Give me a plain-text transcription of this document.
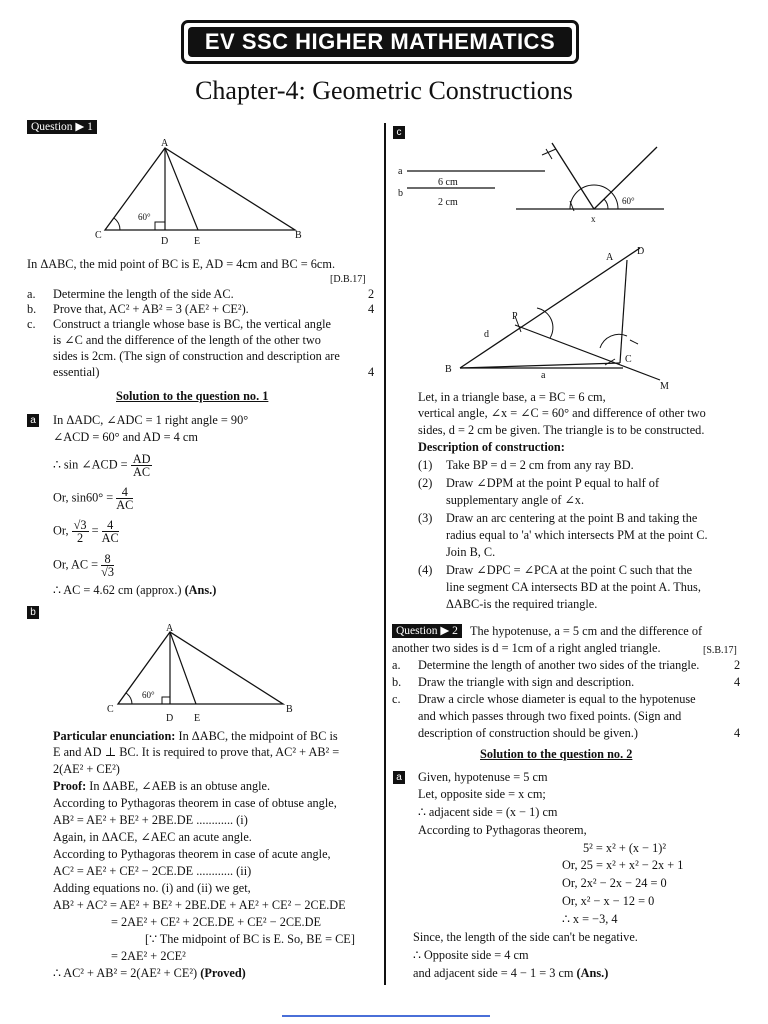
EV SSC HIGHER MATHEMATICS
Chapter-4: Geometric Constructions
Question ▶ 1
A
C
D	E
B
60°
In ΔABC, the mid point of BC is E, AD = 4cm and BC = 6cm.
[D.B.17]
a. Determine the length of the side AC.	2
b. Prove that, AC² + AB² = 3 (AE² + CE²).	4
c. Construct a triangle whose base is BC, the vertical angle
is ∠C and the difference of the length of the other two
sides is 2cm. (The sign of construction and description are
essential)	4
Solution to the question no. 1
a In ΔADC, ∠ADC = 1 right angle = 90°
∠ACD = 60° and AD = 4 cm
∴ sin ∠ACD = $\frac{AD}{AC}$
Or, $\sin 60^\circ = \frac{4}{AC}$
Or, $\frac{√3}{2} = \frac{4}{AC}$
Or, AC = $\frac{8}{√3}$
∴ AC = 4.62 cm (approx.) (Ans.)
b
A
C
D E
B
60°
Particular enunciation: In ΔABC, the midpoint of BC is
E and AD ⊥ BC. It is required to prove that, AC² + AB² =
2(AE² + CE²)
Proof: In ΔABE, ∠AEB is an obtuse angle.
According to Pythagoras theorem in case of obtuse angle,
AB² = AE² + BE² + 2BE.DE ............ (i)
Again, in ΔACE, ∠AEC an acute angle.
According to Pythagoras theorem in case of acute angle,
AC² = AE² + CE² − 2CE.DE ............ (ii)
Adding equations no. (i) and (ii) we get,
AB² + AC² = AE² + BE² + 2BE.DE + AE² + CE² − 2CE.DE
= 2AE² + CE² + 2CE.DE + CE² − 2CE.DE
[∵ The midpoint of BC is E. So, BE = CE]
= 2AE² + 2CE²
∴ AC² + AB² = 2(AE² + CE²) (Proved)
c
a
b
6 cm
2 cm	60°
x
A
D
P
d
C
B
a
M
Let, in a triangle base, a = BC = 6 cm,
vertical angle, ∠x = ∠C = 60° and difference of other two
sides, d = 2 cm be given. The triangle is to be constructed.
Description of construction:
(1) Take BP = d = 2 cm from any ray BD.
(2) Draw ∠DPM at the point P equal to half of
supplementary angle of ∠x.
(3) Draw an arc centering at the point B and taking the
radius equal to 'a' which intersects PM at the point C.
Join B, C.
(4) Draw ∠DPC = ∠PCA at the point C such that the
line segment CA intersects BD at the point A. Thus,
ΔABC-is the required triangle.
Question ▶ 2 The hypotenuse, a = 5 cm and the difference of
another two sides is d = 1cm of a right angled triangle.	[S.B.17]
a. Determine the length of another two sides of the triangle.	2
b. Draw the triangle with sign and description.	4
c. Draw a circle whose diameter is equal to the hypotenuse
and which passes through two fixed points. (Sign and
description of construction should be given.)	4
Solution to the question no. 2
a Given, hypotenuse = 5 cm
Let, opposite side = x cm;
∴ adjacent side = (x − 1) cm
According to Pythagoras theorem,
5² = x² + (x − 1)²
Or, 25 = x² + x² − 2x + 1
Or, 2x² − 2x − 24 = 0
Or, x² − x − 12 = 0
∴ x = −3, 4
Since, the length of the side can't be negative.
∴ Opposite side = 4 cm
and adjacent side = 4 − 1 = 3 cm (Ans.)
